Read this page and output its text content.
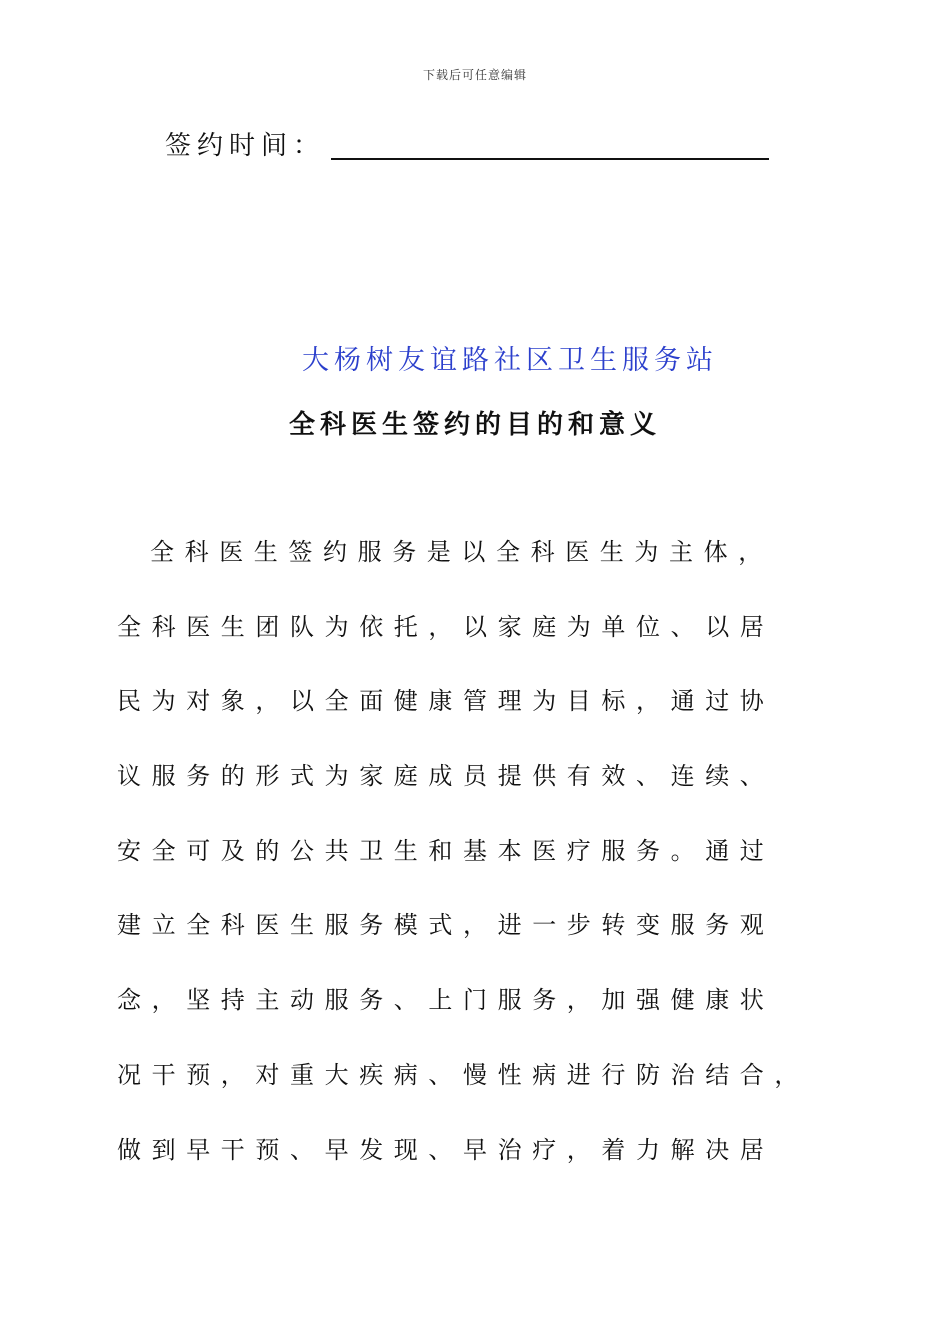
下载后可任意编辑
签约时间：
大杨树友谊路社区卫生服务站
全科医生签约的目的和意义
全科医生签约服务是以全科医生为主体，
全科医生团队为依托，以家庭为单位、以居
民为对象，以全面健康管理为目标，通过协
议服务的形式为家庭成员提供有效、连续、
安全可及的公共卫生和基本医疗服务。通过
建立全科医生服务模式，进一步转变服务观
念，坚持主动服务、上门服务，加强健康状
况干预，对重大疾病、慢性病进行防治结合，
做到早干预、早发现、早治疗，着力解决居
